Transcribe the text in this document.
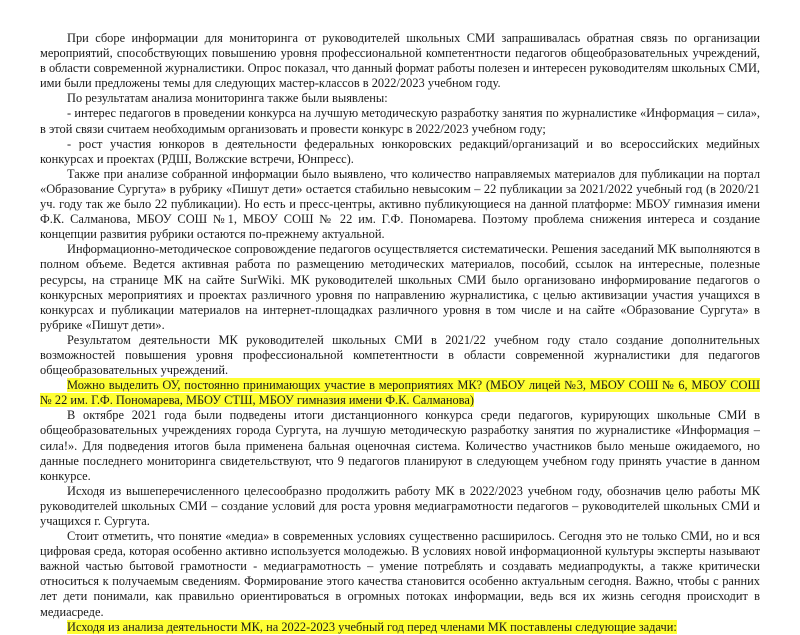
При сборе информации для мониторинга от руководителей школьных СМИ запрашивалась обратная связь по организации мероприятий, способствующих повышению уровня профессиональной компетентности педагогов общеобразовательных учреждений, в области современной журналистики. Опрос показал, что данный формат работы полезен и интересен руководителям школьных СМИ, ими были предложены темы для следующих мастер-классов в 2022/2023 учебном году.

По результатам анализа мониторинга также были выявлены:

- интерес педагогов в проведении конкурса на лучшую методическую разработку занятия по журналистике «Информация – сила», в этой связи считаем необходимым организовать и провести конкурс в 2022/2023 учебном году;

- рост участия юнкоров в деятельности федеральных юнкоровских редакций/организаций и во всероссийских медийных конкурсах и проектах (РДШ, Волжские встречи, Юнпресс).

Также при анализе собранной информации было выявлено, что количество направляемых материалов для публикации на портал «Образование Сургута» в рубрику «Пишут дети» остается стабильно невысоким – 22 публикации за 2021/2022 учебный год (в 2020/21 уч. году так же было 22 публикации). Но есть и пресс-центры, активно публикующиеся на данной платформе: МБОУ гимназия имени Ф.К. Салманова, МБОУ СОШ №1, МБОУ СОШ № 22 им. Г.Ф. Пономарева. Поэтому проблема снижения интереса и создание концепции развития рубрики остаются по-прежнему актуальной.

Информационно-методическое сопровождение педагогов осуществляется систематически. Решения заседаний МК выполняются в полном объеме. Ведется активная работа по размещению методических материалов, пособий, ссылок на интересные, полезные ресурсы, на странице МК на сайте SurWiki. МК руководителей школьных СМИ было организовано информирование педагогов о конкурсных мероприятиях и проектах различного уровня по направлению журналистика, с целью активизации участия учащихся в конкурсах и публикации материалов на интернет-площадках различного уровня в том числе и на сайте «Образование Сургута» в рубрике «Пишут дети».

Результатом деятельности МК руководителей школьных СМИ в 2021/22 учебном году стало создание дополнительных возможностей повышения уровня профессиональной компетентности в области современной журналистики для педагогов общеобразовательных учреждений.

Можно выделить ОУ, постоянно принимающих участие в мероприятиях МК? (МБОУ лицей №3, МБОУ СОШ № 6, МБОУ СОШ № 22 им. Г.Ф. Пономарева, МБОУ СТШ, МБОУ гимназия имени Ф.К. Салманова)

В октябре 2021 года были подведены итоги дистанционного конкурса среди педагогов, курирующих школьные СМИ в общеобразовательных учреждениях города Сургута, на лучшую методическую разработку занятия по журналистике «Информация – сила!». Для подведения итогов была применена бальная оценочная система. Количество участников было меньше ожидаемого, но данные последнего мониторинга свидетельствуют, что 9 педагогов планируют в следующем учебном году принять участие в данном конкурсе.

Исходя из вышеперечисленного целесообразно продолжить работу МК в 2022/2023 учебном году, обозначив целю работы МК руководителей школьных СМИ – создание условий для роста уровня медиаграмотности педагогов – руководителей школьных СМИ и учащихся г. Сургута.

Стоит отметить, что понятие «медиа» в современных условиях существенно расширилось. Сегодня это не только СМИ, но и вся цифровая среда, которая особенно активно используется молодежью. В условиях новой информационной культуры эксперты называют важной частью бытовой грамотности - медиаграмотность – умение потреблять и создавать медиапродукты, а также критически относиться к получаемым сведениям. Формирование этого качества становится особенно актуальным сегодня. Важно, чтобы с ранних лет дети понимали, как правильно ориентироваться в огромных потоках информации, ведь вся их жизнь сегодня происходит в медиасреде.

Исходя из анализа деятельности МК, на 2022-2023 учебный год перед членами МК поставлены следующие задачи:
